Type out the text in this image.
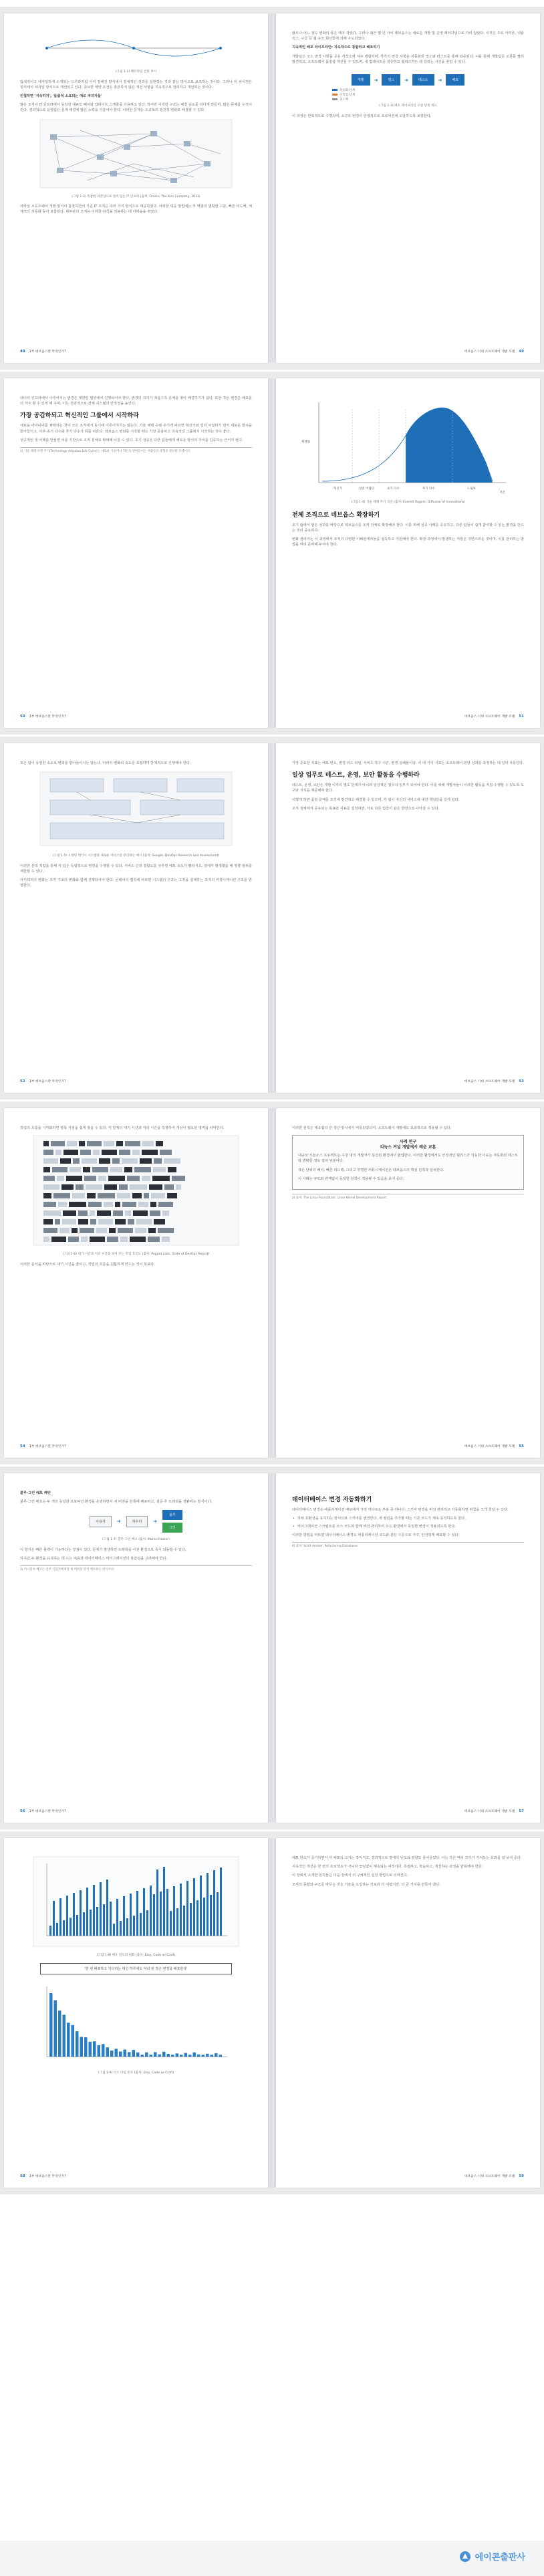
(그림 1-1) 패러다임 간의 차이
탐색적이고 애자일하게 소개되는 드루와처럼 이미 정해진 방식에서 전체적인 성과를 실현하는 것과 같은 방식으로 보조하는 것이다. 그러나 이 차이점은 정식에서 애자일 방식으로 개선되고 있다. 중요한 제약 조건은 충분하지 않은 개선 사항을 지속적으로 정리하고 개선하는 것이다.
민첩하면 '지속하지', '돌출적 소요되는 애로 파괴자들'
많은 조직이 IT 인프라에서 동일한 대규모 패치와 업데이트 스케줄을 사용하고 있다. 하지만 이러한 구조는 해결 속도를 더디게 만들며, 많은 문제를 누적시킨다. 결과적으로 운영팀은 문제 해결에 많은 노력을 기울여야 한다. 이러한 문제는 소규모의 점진적 변화로 해결할 수 있다.
(그림 1-2) 복잡한 의존성으로 엉켜 있는 IT 인프라 (출처: Oracle, The Kim Company, 2013)
애자일 소프트웨어 개발 방식이 등장하면서 기존 IT 조직은 여러 가지 방식으로 대응하였다. 이러한 대응 방법에는 각 역할의 명확한 구분, 빠른 피드백, 체계적인 자동화 등이 포함된다. 대부분의 조직은 이러한 원칙을 적용하는 데 어려움을 겪었다.
48 1부 데브옵스란 무엇인가?
왔으나 어느 정도 변화의 폭은 매우 작았다. 그러나 최근 몇 년 사이 데브옵스는 새로운 개발 및 운영 패러다임으로 자리 잡았다. 이것은 주로 아마존, 넷플릭스, 구글 등 웹 규모 회사들에 의해 주도되었다.
지속적인 배포 파이프라인: 지속적으로 통합하고 배포하기
개발팀은 코드 변경 사항을 공유 저장소에 자주 병합하며, 각각의 변경 사항은 자동화된 빌드와 테스트를 통해 검증된다. 이를 통해 개발팀은 오류를 빨리 발견하고, 소프트웨어 품질을 개선할 수 있으며, 새 업데이트를 검증하고 릴리스하는 데 걸리는 시간을 줄일 수 있다.
개발	➜	빌드	➜	테스트	➜	배포
자동화 단계
수작업 단계
피드백
(그림 1-3) 배포 파이프라인 구성 단계 개요
이 과정은 반복적으로 수행되며, 소규모 변경이 안정적으로 프로덕션에 도달하도록 보장한다.
데브옵스 시대 소프트웨어 개발 모델 49
데이터 인프라에서 이루어지는 변경은 제한된 범위에서 진행되어야 한다. 변경의 크기가 작을수록 문제를 찾아 해결하기가 쉽다. 또한 작은 변경은 배포를 더 자주 할 수 있게 해 주며, 이는 결과적으로 전체 시스템의 안정성을 높인다.
가장 공감하되고 혁신적인 그룹에서 시작하라
새로운 아이디어를 채택하는 것이 모든 조직에서 동시에 이루어지지는 않는다. 기술 채택 수명 주기에 따르면 혁신가와 얼리 어답터가 먼저 새로운 방식을 받아들이고, 이후 초기 다수와 후기 다수가 뒤를 따른다. 데브옵스 변화를 시작할 때는 가장 공감하고 의욕적인 그룹에서 시작하는 것이 좋다.
성공적인 첫 사례를 만들면 이를 기반으로 조직 전체로 확대해 나갈 수 있다. 초기 성공은 다른 팀들에게 새로운 방식의 가치를 입증하는 근거가 된다.
1) 기술 채택 수명 주기(Technology Adoption Life Cycle)는 새로운 기술이나 혁신을 받아들이는 사람들의 유형을 분류한 모델이다.
50 1부 데브옵스란 무엇인가?
혁신가	얼리 어답터	초기 다수	후기 다수	느림보
채택률
시간
(그림 1-4) 기술 채택 주기 곡선 (출처: Everett Rogers, Diffusion of Innovations)
전체 조직으로 데브옵스 확장하기
초기 팀에서 얻은 성과를 바탕으로 데브옵스를 조직 전체로 확장해야 한다. 이를 위해 성공 사례를 공유하고, 다른 팀들이 쉽게 참여할 수 있는 환경을 만드는 것이 중요하다.
변화 관리자는 이 과정에서 조직의 다양한 이해관계자들을 설득하고 지원해야 한다. 확장 과정에서 발생하는 저항은 자연스러운 것이며, 이를 관리하는 방법을 미리 준비해 두어야 한다.
데브옵스 시대 소프트웨어 개발 모델 51
모든 팀이 동일한 속도로 변화를 받아들이지는 않는다. 따라서 변화의 속도를 조절하며 단계적으로 진행해야 한다.
(그림 1-5) 오래된 레거시 시스템과 새로운 서비스를 분리하는 예시 (출처: Google, DevOps Research and Assessment)
이러한 분리 작업을 통해 각 팀은 독립적으로 변경을 수행할 수 있다. 서비스 간의 결합도를 낮추면 배포 속도가 빨라지고, 장애가 발생했을 때 영향 범위를 제한할 수 있다.
아키텍처의 변화는 조직 구조의 변화와 함께 진행되어야 한다. 콘웨이의 법칙에 따르면 시스템의 구조는 그것을 설계하는 조직의 커뮤니케이션 구조를 반영한다.
52 1부 데브옵스란 무엇인가?
가장 중요한 지표는 배포 빈도, 변경 리드 타임, 서비스 복구 시간, 변경 실패율이다. 이 네 가지 지표는 소프트웨어 전달 성과를 측정하는 데 널리 사용된다.
일상 업무로 테스트, 운영, 보안 활동을 수행하라
테스트, 운영, 보안은 개발 이후의 별도 단계가 아니라 일상적인 업무의 일부가 되어야 한다. 이를 위해 개발자들이 이러한 활동을 직접 수행할 수 있도록 도구와 지식을 제공해야 한다.
이렇게 하면 품질 문제를 조기에 발견하고 해결할 수 있으며, 각 팀이 자신의 서비스에 대한 책임감을 갖게 된다.
조직 전체에서 공유되는 목표와 지표를 설정하면, 서로 다른 팀들이 같은 방향으로 나아갈 수 있다.
데브옵스 시대 소프트웨어 개발 모델 53
작업의 흐름을 시각화하면 병목 지점을 쉽게 찾을 수 있다. 각 단계의 대기 시간과 처리 시간을 측정하여 개선이 필요한 영역을 파악한다.
(그림 1-6) 대기 시간과 처리 시간을 보여 주는 작업 흐름도 (출처: Puppet Labs, State of DevOps Report)
이러한 분석을 바탕으로 대기 시간을 줄이고, 작업의 흐름을 원활하게 만드는 것이 목표다.
54 1부 데브옵스란 무엇인가?
이러한 원칙은 제조업의 린 생산 방식에서 비롯되었으며, 소프트웨어 개발에도 효과적으로 적용될 수 있다.
사례 연구
리눅스 커널 개발에서 배운 교훈
대규모 오픈소스 프로젝트는 수천 명의 개발자가 분산된 환경에서 협업한다. 이러한 환경에서도 안정적인 릴리스가 가능한 이유는 자동화된 테스트와 명확한 검토 절차 덕분이다.
작은 단위의 패치, 빠른 피드백, 그리고 투명한 커뮤니케이션은 데브옵스의 핵심 원칙과 일치한다.
이 사례는 규모와 관계없이 동일한 원칙이 적용될 수 있음을 보여 준다.
2) 출처: The Linux Foundation, Linux Kernel Development Report
데브옵스 시대 소프트웨어 개발 모델 55
블루-그린 배포 패턴
블루-그린 배포는 두 개의 동일한 프로덕션 환경을 운영하면서 새 버전을 한쪽에 배포하고, 검증 후 트래픽을 전환하는 방식이다.
사용자	➜	라우터	➜
블루
그린
(그림 1-7) 블루-그린 배포 (출처: Martin Fowler)
이 방식은 빠른 롤백이 가능하다는 장점이 있다. 문제가 발생하면 트래픽을 이전 환경으로 즉시 되돌릴 수 있다.
하지만 두 환경을 유지하는 데 드는 비용과 데이터베이스 마이그레이션의 복잡성을 고려해야 한다.
3) 카나리아 배포는 일부 사용자에게만 새 버전을 먼저 배포하는 방식이다.
56 1부 데브옵스란 무엇인가?
데이터베이스 변경 자동화하기
데이터베이스 변경은 애플리케이션 배포에서 가장 까다로운 부분 중 하나다. 스키마 변경을 버전 관리하고 자동화하면 위험을 크게 줄일 수 있다.
• 하위 호환성을 유지하는 방식으로 스키마를 변경한다. 새 컬럼을 추가할 때는 기존 코드가 계속 동작하도록 한다.
• 마이그레이션 스크립트를 소스 코드와 함께 버전 관리하여 모든 환경에서 동일한 변경이 적용되도록 한다.
이러한 방법을 따르면 데이터베이스 변경도 애플리케이션 코드와 같은 수준으로 자주, 안전하게 배포할 수 있다.
4) 출처: Scott Ambler, Refactoring Databases
데브옵스 시대 소프트웨어 개발 모델 57
(그림 1-8) 배포 빈도의 변화 (출처: Etsy, Code as Craft)
'한 번 배포하고 기다리는 대신 하루에도 여러 번 작은 변경을 배포한다'
(그림 1-9) 리드 타임 분포 (출처: Etsy, Code as Craft)
58 1부 데브옵스란 무엇인가?
배포 빈도가 증가하면서 각 배포의 크기는 작아지고, 결과적으로 장애의 빈도와 영향도 줄어들었다. 이는 작은 배치 크기가 가져오는 효과를 잘 보여 준다.
지속적인 개선은 한 번의 프로젝트가 아니라 끊임없이 계속되는 여정이다. 측정하고, 학습하고, 개선하는 과정을 반복해야 한다.
이 장에서 소개한 원칙들은 다음 장에서 더 구체적인 실천 방법으로 이어진다.
조직의 문화와 구조를 바꾸는 것은 기술을 도입하는 것보다 더 어렵지만, 더 큰 가치를 만들어 낸다.
데브옵스 시대 소프트웨어 개발 모델 59
에이콘출판사
